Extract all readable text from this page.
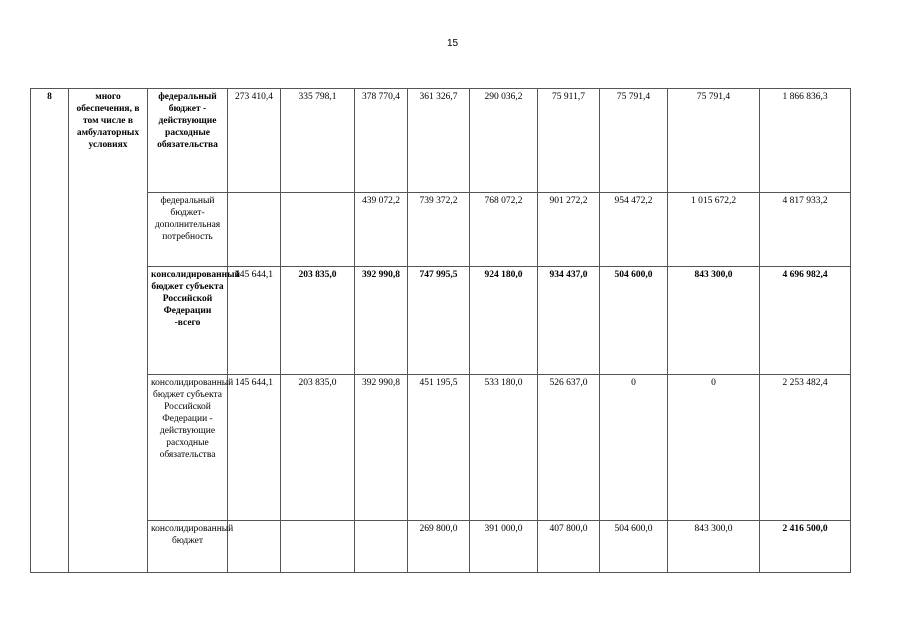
15
8	много обеспечения, в том числе в амбулаторных условиях	федеральный бюджет - действующие расходные обязательства	273 410,4	335 798,1	378 770,4	361 326,7	290 036,2	75 911,7	75 791,4	75 791,4	1 866 836,3
		федеральный бюджет-дополнительная потребность			439 072,2	739 372,2	768 072,2	901 272,2	954 472,2	1 015 672,2	4 817 933,2
		консолидированный бюджет субъекта Российской Федерации -всего	145 644,1	203 835,0	392 990,8	747 995,5	924 180,0	934 437,0	504 600,0	843 300,0	4 696 982,4
		консолидированный бюджет субъекта Российской Федерации - действующие расходные обязательства	145 644,1	203 835,0	392 990,8	451 195,5	533 180,0	526 637,0	0	0	2 253 482,4
		консолидированный бюджет				269 800,0	391 000,0	407 800,0	504 600,0	843 300,0	2 416 500,0
